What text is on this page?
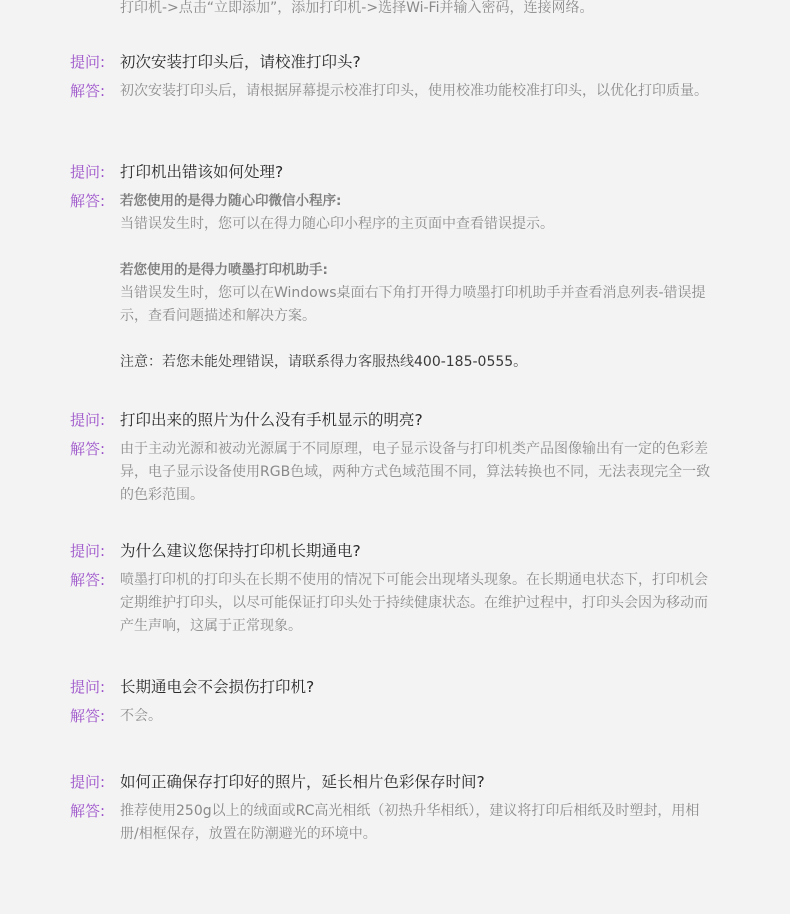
打印机->点击“立即添加”，添加打印机->选择Wi-Fi并输入密码，连接网络。

提问: 初次安装打印头后，请校准打印头?
解答:	初次安装打印头后，请根据屏幕提示校准打印头，使用校准功能校准打印头，以优化打印质量。
提问: 打印机出错该如何处理?
解答:	若您使用的是得力随心印微信小程序:

当错误发生时，您可以在得力随心印小程序的主页面中查看错误提示。

若您使用的是得力喷墨打印机助手:

当错误发生时，您可以在Windows桌面右下角打开得力喷墨打印机助手并查看消息列表-错误提示，查看问题描述和解决方案。

注意：若您未能处理错误，请联系得力客服热线400-185-0555。

提问: 打印出来的照片为什么没有手机显示的明亮?
解答:	由于主动光源和被动光源属于不同原理，电子显示设备与打印机类产品图像输出有一定的色彩差异，电子显示设备使用RGB色域，两种方式色域范围不同，算法转换也不同，无法表现完全一致的色彩范围。
提问: 为什么建议您保持打印机长期通电?
解答:	喷墨打印机的打印头在长期不使用的情况下可能会出现堵头现象。在长期通电状态下，打印机会定期维护打印头，以尽可能保证打印头处于持续健康状态。在维护过程中，打印头会因为移动而产生声响，这属于正常现象。
提问: 长期通电会不会损伤打印机?
解答:	不会。
提问: 如何正确保存打印好的照片，延长相片色彩保存时间?
解答:	推荐使用250g以上的绒面或RC高光相纸（初热升华相纸），建议将打印后相纸及时塑封，用相册/相框保存，放置在防潮避光的环境中。
